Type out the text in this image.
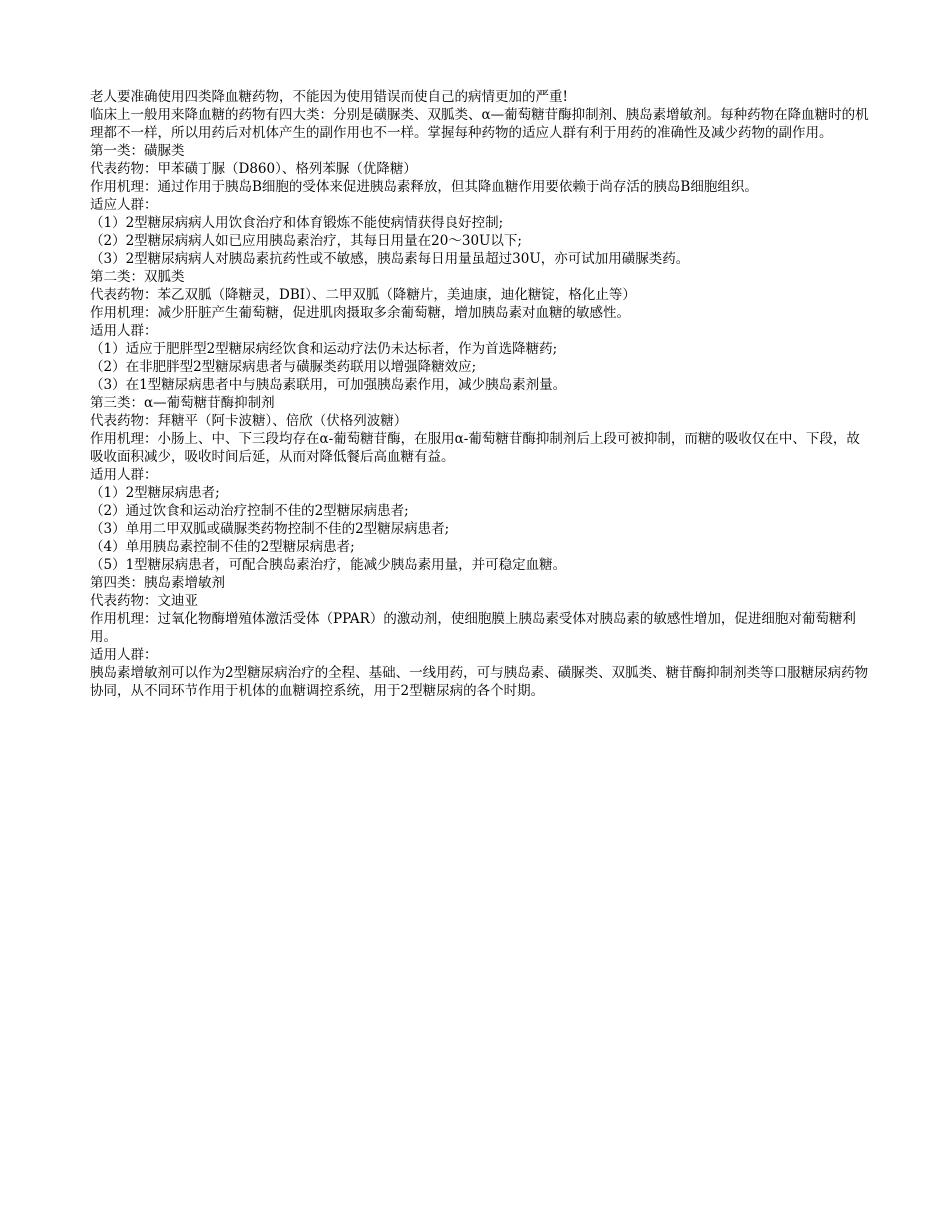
老人要准确使用四类降血糖药物，不能因为使用错误而使自己的病情更加的严重!

临床上一般用来降血糖的药物有四大类：分别是磺脲类、双胍类、α—葡萄糖苷酶抑制剂、胰岛素增敏剂。每种药物在降血糖时的机理都不一样，所以用药后对机体产生的副作用也不一样。掌握每种药物的适应人群有利于用药的准确性及减少药物的副作用。

第一类：磺脲类

代表药物：甲苯磺丁脲（D860）、格列苯脲（优降糖）

作用机理：通过作用于胰岛B细胞的受体来促进胰岛素释放，但其降血糖作用要依赖于尚存活的胰岛B细胞组织。

适应人群：

（1）2型糖尿病病人用饮食治疗和体育锻炼不能使病情获得良好控制;

（2）2型糖尿病病人如已应用胰岛素治疗，其每日用量在20～30U以下;

（3）2型糖尿病病人对胰岛素抗药性或不敏感，胰岛素每日用量虽超过30U，亦可试加用磺脲类药。

第二类：双胍类

代表药物：苯乙双胍（降糖灵，DBI）、二甲双胍（降糖片，美迪康，迪化糖锭，格化止等）

作用机理：减少肝脏产生葡萄糖，促进肌肉摄取多余葡萄糖，增加胰岛素对血糖的敏感性。

适用人群：

（1）适应于肥胖型2型糖尿病经饮食和运动疗法仍未达标者，作为首选降糖药;

（2）在非肥胖型2型糖尿病患者与磺脲类药联用以增强降糖效应;

（3）在1型糖尿病患者中与胰岛素联用，可加强胰岛素作用，减少胰岛素剂量。

第三类：α—葡萄糖苷酶抑制剂

代表药物：拜糖平（阿卡波糖）、倍欣（伏格列波糖）

作用机理：小肠上、中、下三段均存在α-葡萄糖苷酶，在服用α-葡萄糖苷酶抑制剂后上段可被抑制，而糖的吸收仅在中、下段，故吸收面积减少，吸收时间后延，从而对降低餐后高血糖有益。

适用人群：

（1）2型糖尿病患者;

（2）通过饮食和运动治疗控制不佳的2型糖尿病患者;

（3）单用二甲双胍或磺脲类药物控制不佳的2型糖尿病患者;

（4）单用胰岛素控制不佳的2型糖尿病患者;

（5）1型糖尿病患者，可配合胰岛素治疗，能减少胰岛素用量，并可稳定血糖。

第四类：胰岛素增敏剂

代表药物：文迪亚

作用机理：过氧化物酶增殖体激活受体（PPAR）的激动剂，使细胞膜上胰岛素受体对胰岛素的敏感性增加，促进细胞对葡萄糖利用。

适用人群：

胰岛素增敏剂可以作为2型糖尿病治疗的全程、基础、一线用药，可与胰岛素、磺脲类、双胍类、糖苷酶抑制剂类等口服糖尿病药物协同，从不同环节作用于机体的血糖调控系统，用于2型糖尿病的各个时期。
